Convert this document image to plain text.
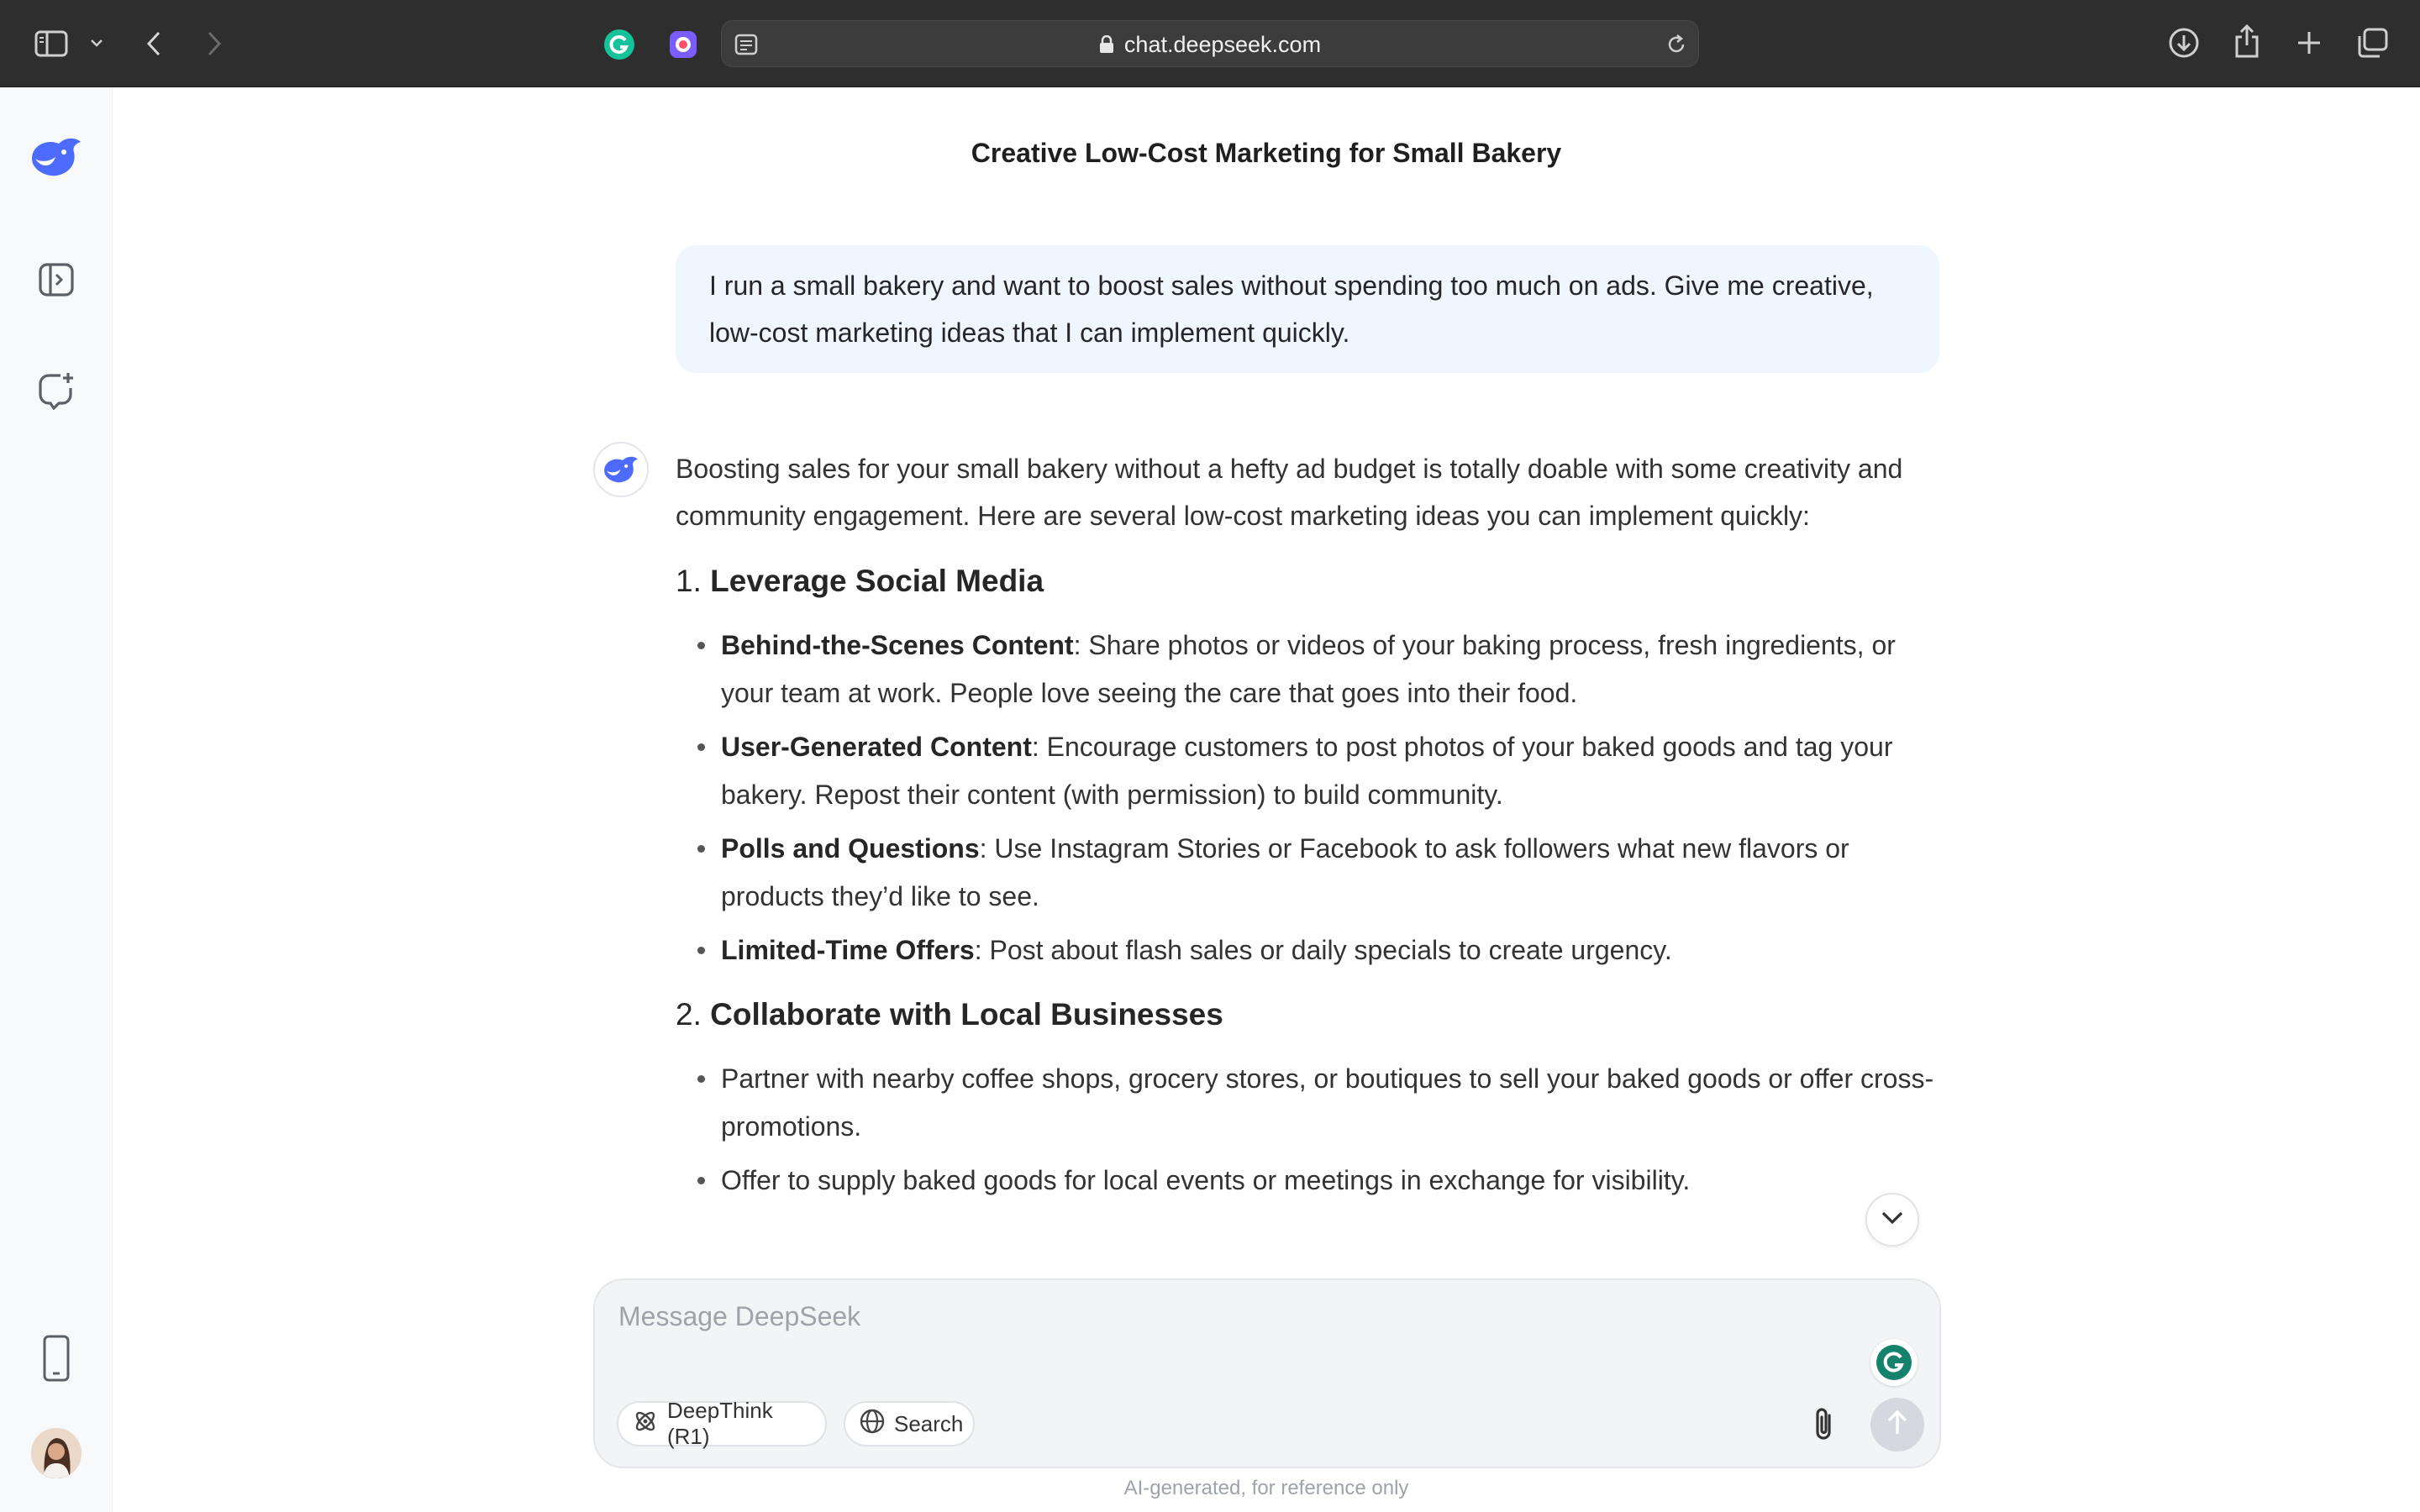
chat.deepseek.com
Creative Low-Cost Marketing for Small Bakery
I run a small bakery and want to boost sales without spending too much on ads. Give me creative, low-cost marketing ideas that I can implement quickly.

Boosting sales for your small bakery without a hefty ad budget is totally doable with some creativity and community engagement. Here are several low-cost marketing ideas you can implement quickly:

1. Leverage Social Media
Behind-the-Scenes Content: Share photos or videos of your baking process, fresh ingredients, or your team at work. People love seeing the care that goes into their food.
User-Generated Content: Encourage customers to post photos of your baked goods and tag your bakery. Repost their content (with permission) to build community.
Polls and Questions: Use Instagram Stories or Facebook to ask followers what new flavors or products they’d like to see.
Limited-Time Offers: Post about flash sales or daily specials to create urgency.
2. Collaborate with Local Businesses
Partner with nearby coffee shops, grocery stores, or boutiques to sell your baked goods or offer cross-promotions.
Offer to supply baked goods for local events or meetings in exchange for visibility.
Message DeepSeek
DeepThink (R1)
Search
AI-generated, for reference only
